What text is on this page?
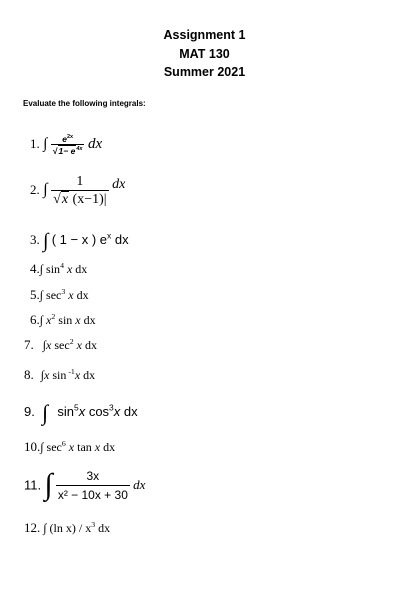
Assignment 1
MAT 130
Summer 2021
Evaluate the following integrals:
1. ∫ $\frac{e^{2x}}{√1- e^{4x}}$ dx
2. ∫ $\frac{1}{√x (x-1)|}$ dx
3. ∫ ( 1 − x ) $e^x$ dx
4.∫ $\sin^4 x$ dx
5.∫ $\sec^3 x$ dx
6.∫ $x^2$ sin x dx
7. ∫x $\sec^2 x$ dx
8. ∫x sin $^{-1}$x dx
9. ∫ $\sin^5x$ $\cos^3x$ dx
10.∫ $\sec^6 x$ tan x dx
11. ∫ $\frac{3x}{\text{x² − 10x + 30}}$ dx
12. ∫ (ln $x) / x^3$ dx
